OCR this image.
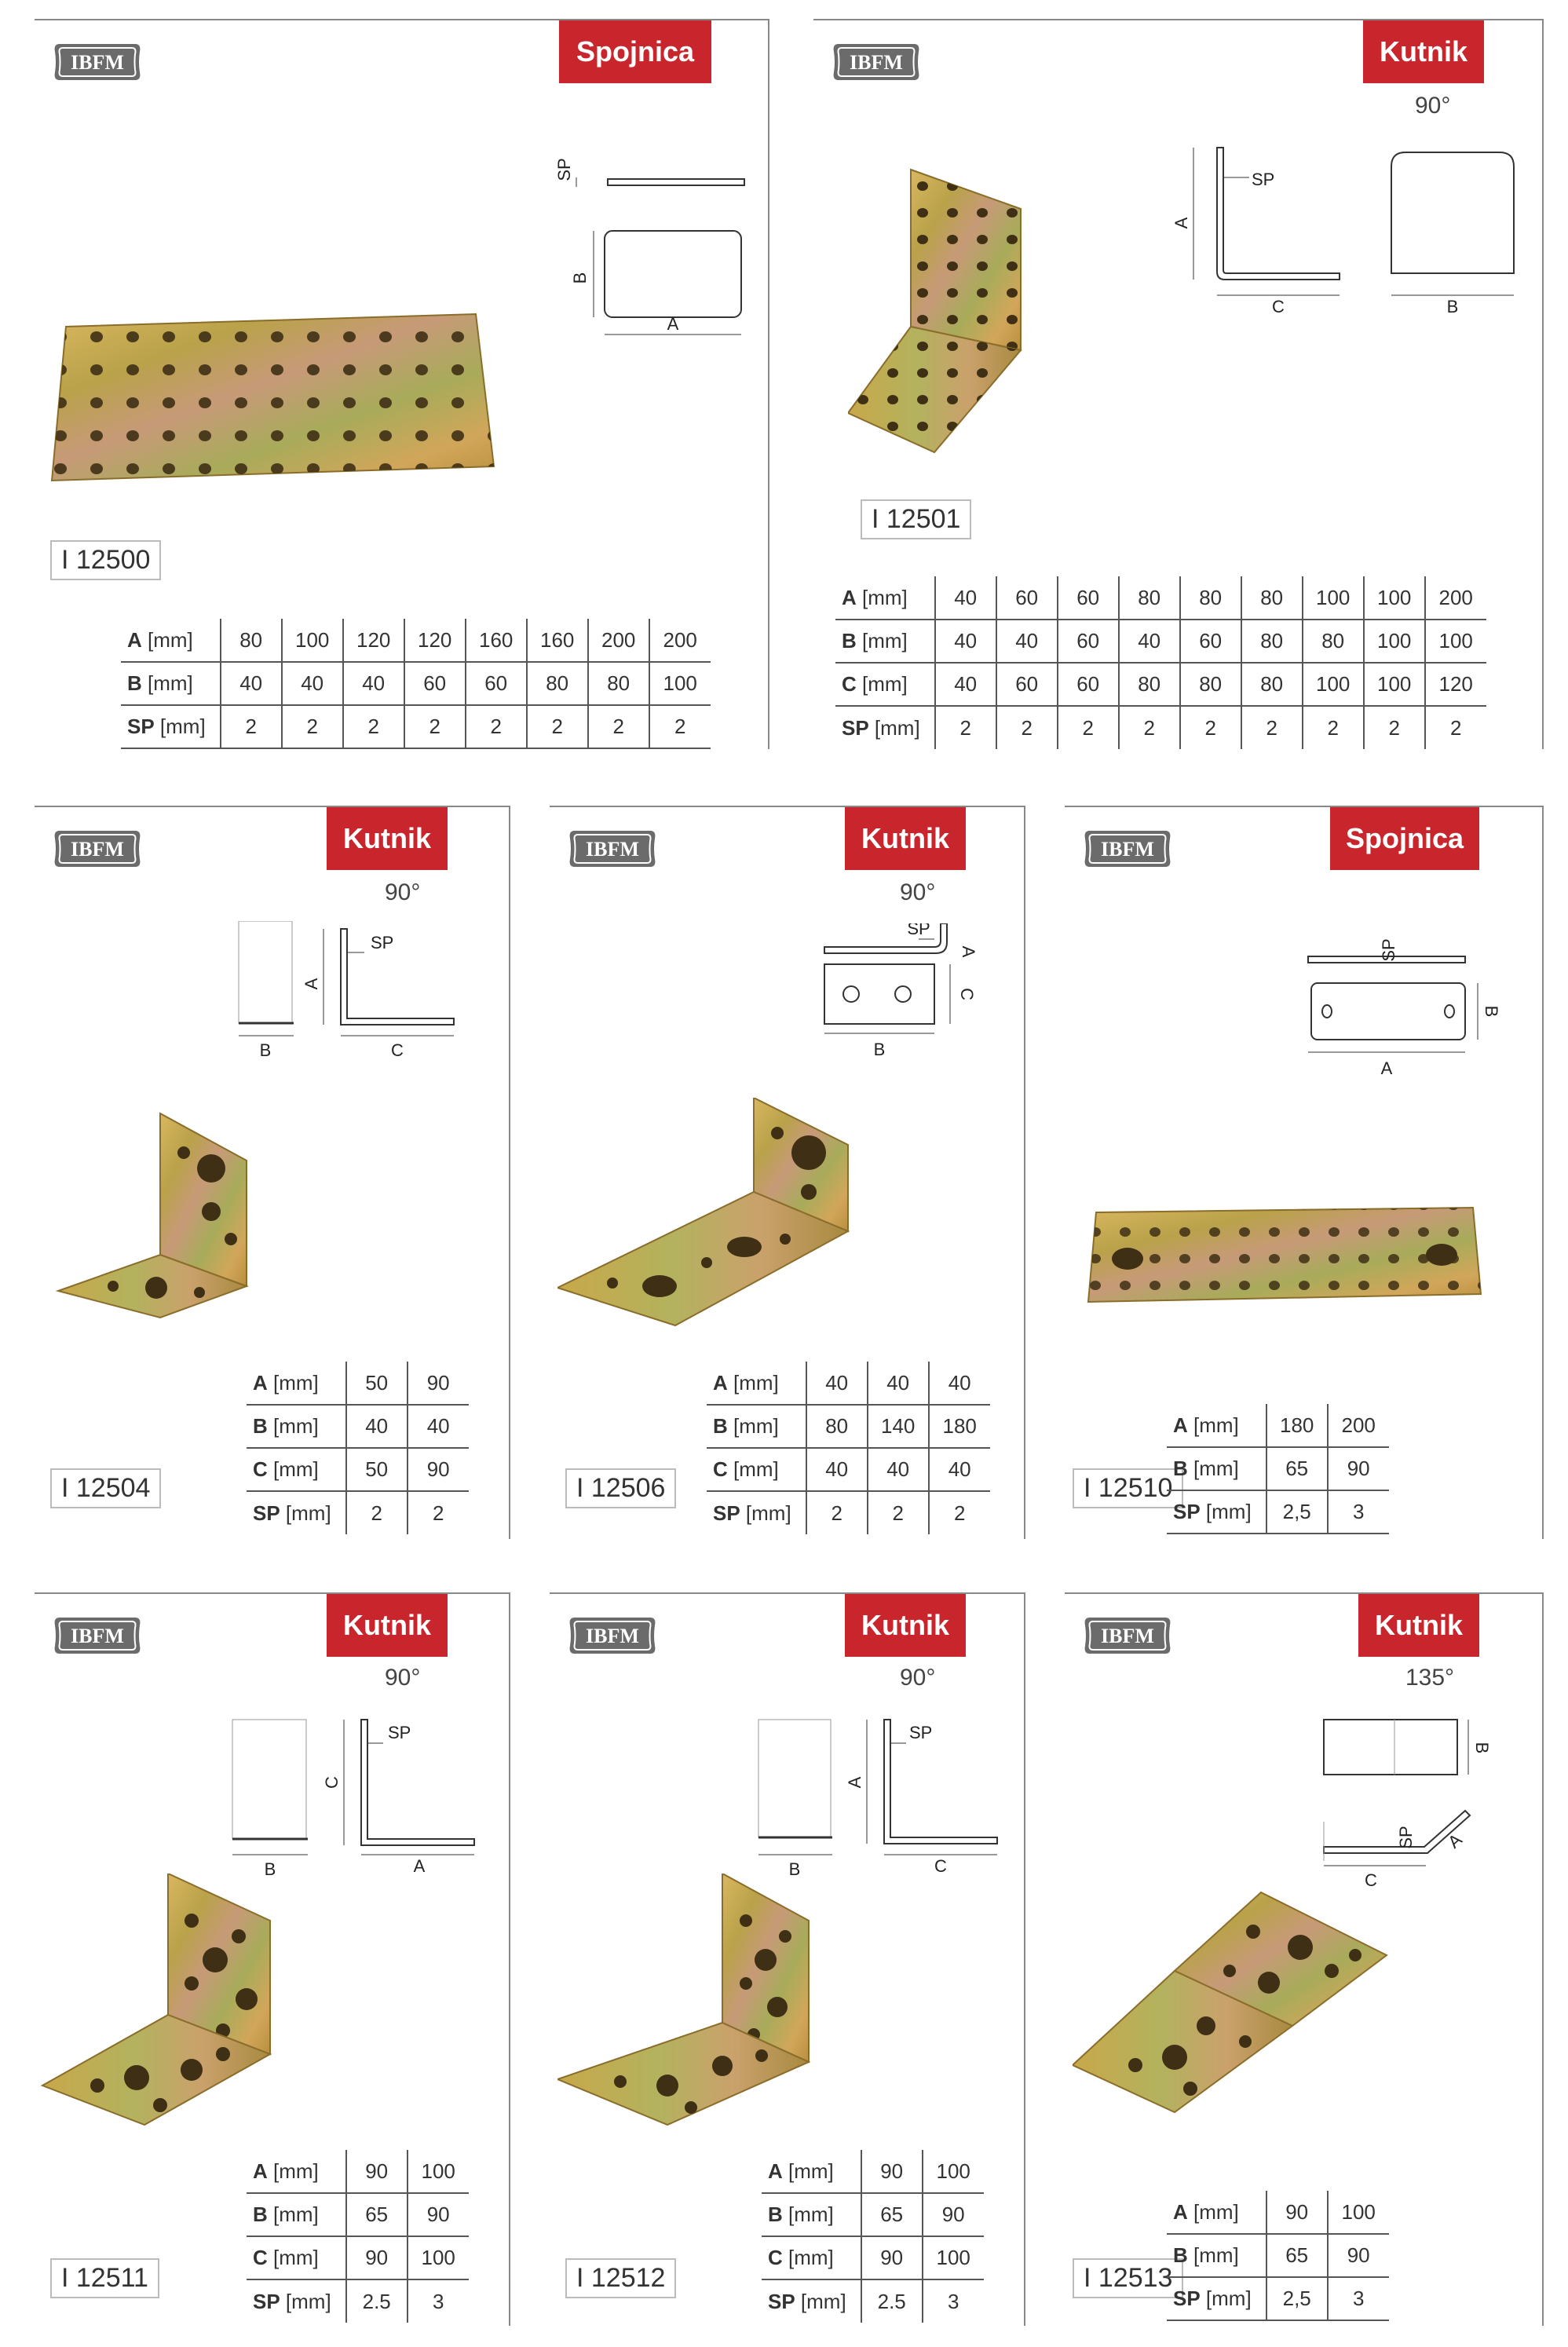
IBFM	Spojnica
SP
B
A
I 12500
A [mm]	80	100	120	120	160	160	200	200
B [mm]	40	40	40	60	60	80	80	100
SP [mm]	2	2	2	2	2	2	2	2
IBFM	Kutnik
90°
SP
A
C	B
I 12501
A [mm]	40	60	60	80	80	80	100	100	200
B [mm]	40	40	60	40	60	80	80	100	100
C [mm]	40	60	60	80	80	80	100	100	120
SP [mm]	2	2	2	2	2	2	2	2	2
IBFM	Kutnik
90°
SP
A
B	C
I 12504
A [mm]	50	90
B [mm]	40	40
C [mm]	50	90
SP [mm]	2	2
IBFM	Kutnik
90°
SP
A
C
B
I 12506
A [mm]	40	40	40
B [mm]	80	140	180
C [mm]	40	40	40
SP [mm]	2	2	2
IBFM	Spojnica
SP
B
A
I 12510
A [mm]	180	200
B [mm]	65	90
SP [mm]	2,5	3
IBFM	Kutnik
90°
SP
C
B	A
I 12511
A [mm]	90	100
B [mm]	65	90
C [mm]	90	100
SP [mm]	2.5	3
IBFM	Kutnik
90°
SP
A
B	C
I 12512
A [mm]	90	100
B [mm]	65	90
C [mm]	90	100
SP [mm]	2.5	3
IBFM	Kutnik
135°
B
SP A
C
I 12513
A [mm]	90	100
B [mm]	65	90
SP [mm]	2,5	3
